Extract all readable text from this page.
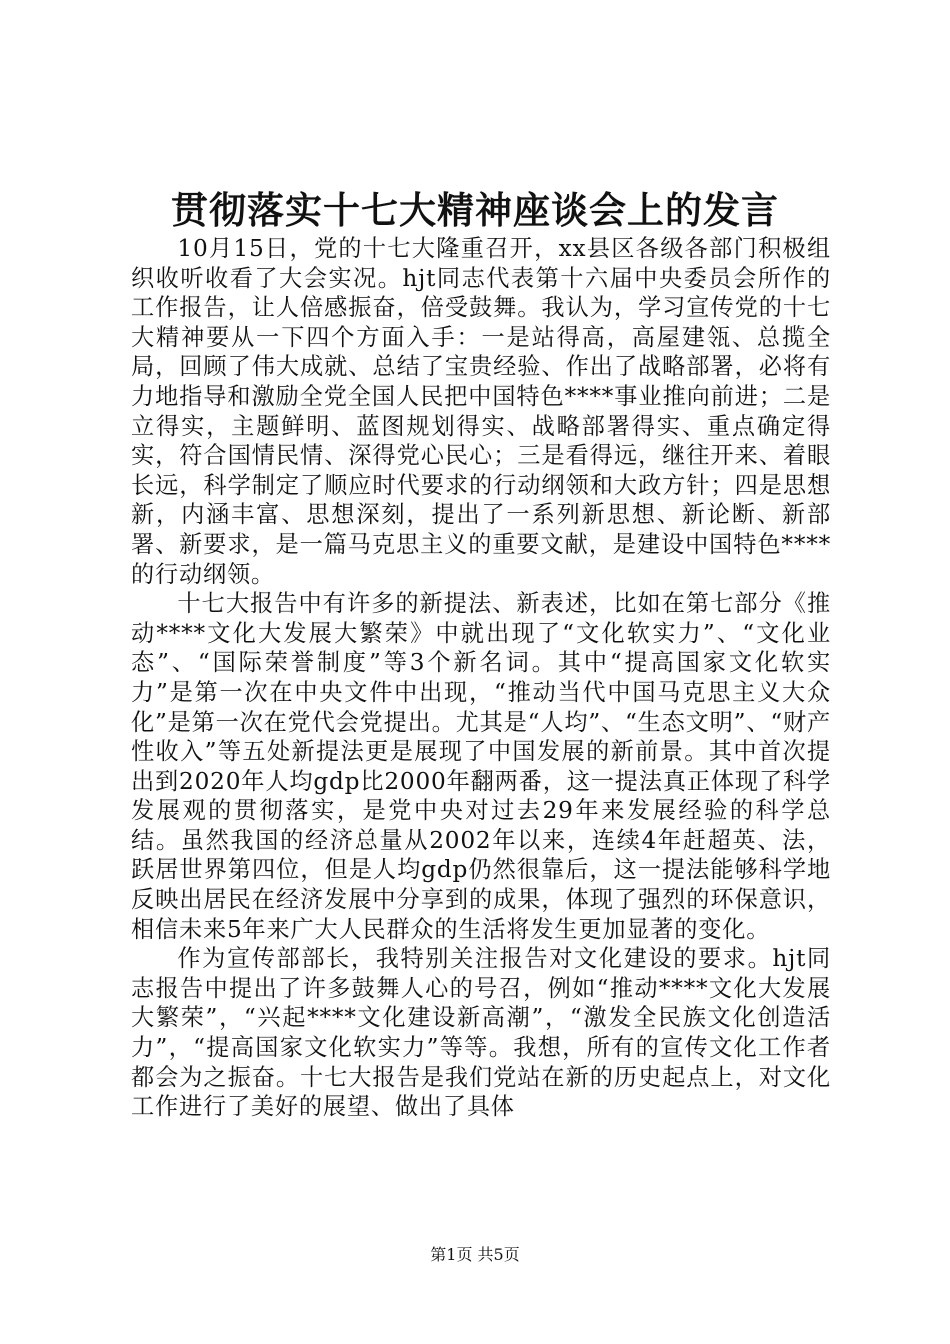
贯彻落实十七大精神座谈会上的发言

10月15日，党的十七大隆重召开，xx县区各级各部门积极组织收听收看了大会实况。hjt同志代表第十六届中央委员会所作的工作报告，让人倍感振奋，倍受鼓舞。我认为，学习宣传党的十七大精神要从一下四个方面入手：一是站得高，高屋建瓴、总揽全局，回顾了伟大成就、总结了宝贵经验、作出了战略部署，必将有力地指导和激励全党全国人民把中国特色****事业推向前进；二是立得实，主题鲜明、蓝图规划得实、战略部署得实、重点确定得实，符合国情民情、深得党心民心；三是看得远，继往开来、着眼长远，科学制定了顺应时代要求的行动纲领和大政方针；四是思想新，内涵丰富、思想深刻，提出了一系列新思想、新论断、新部署、新要求，是一篇马克思主义的重要文献，是建设中国特色****的行动纲领。

十七大报告中有许多的新提法、新表述，比如在第七部分《推动****文化大发展大繁荣》中就出现了“文化软实力”、“文化业态”、“国际荣誉制度”等3个新名词。其中“提高国家文化软实力”是第一次在中央文件中出现，“推动当代中国马克思主义大众化”是第一次在党代会党提出。尤其是“人均”、“生态文明”、“财产性收入”等五处新提法更是展现了中国发展的新前景。其中首次提出到2020年人均gdp比2000年翻两番，这一提法真正体现了科学发展观的贯彻落实，是党中央对过去29年来发展经验的科学总结。虽然我国的经济总量从2002年以来，连续4年赶超英、法，跃居世界第四位，但是人均gdp仍然很靠后，这一提法能够科学地反映出居民在经济发展中分享到的成果，体现了强烈的环保意识，相信未来5年来广大人民群众的生活将发生更加显著的变化。

作为宣传部部长，我特别关注报告对文化建设的要求。hjt同志报告中提出了许多鼓舞人心的号召，例如“推动****文化大发展大繁荣”，“兴起****文化建设新高潮”，“激发全民族文化创造活力”，“提高国家文化软实力”等等。我想，所有的宣传文化工作者都会为之振奋。十七大报告是我们党站在新的历史起点上，对文化工作进行了美好的展望、做出了具体

第1页 共5页
